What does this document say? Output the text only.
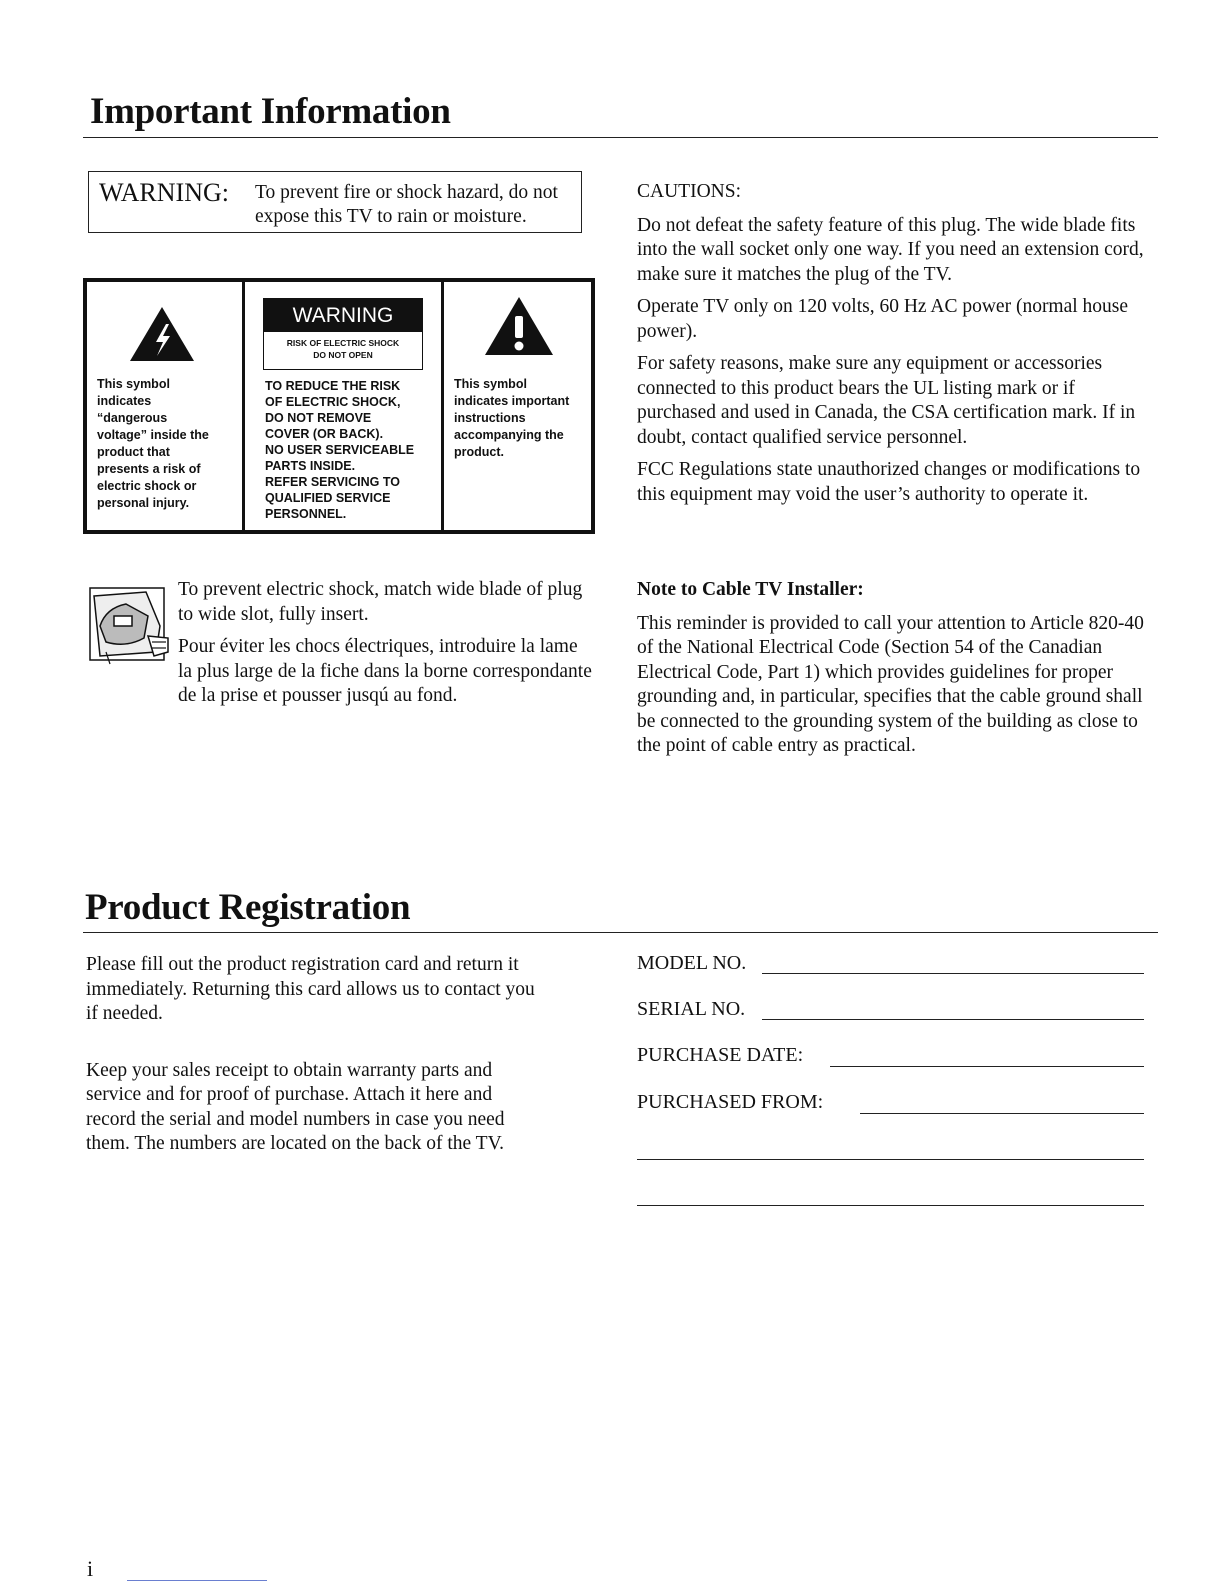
Important Information
WARNING: To prevent fire or shock hazard, do not
expose this TV to rain or moisture.
This symbol
indicates
“dangerous
voltage” inside the
product that
presents a risk of
electric shock or
personal injury.
WARNING
RISK OF ELECTRIC SHOCK
DO NOT OPEN
TO REDUCE THE RISK
OF ELECTRIC SHOCK,
DO NOT REMOVE
COVER (OR BACK).
NO USER SERVICEABLE
PARTS INSIDE.
REFER SERVICING TO
QUALIFIED SERVICE
PERSONNEL.
This symbol
indicates important
instructions
accompanying the
product.
To prevent electric shock, match wide blade of plug
to wide slot, fully insert.
Pour éviter les chocs électriques, introduire la lame
la plus large de la fiche dans la borne correspondante
de la prise et pousser jusqú au fond.
CAUTIONS:

Do not defeat the safety feature of this plug. The wide blade fits into the wall socket only one way. If you need an extension cord, make sure it matches the plug of the TV.

Operate TV only on 120 volts, 60 Hz AC power (normal house power).

For safety reasons, make sure any equipment or accessories connected to this product bears the UL listing mark or if purchased and used in Canada, the CSA certification mark. If in doubt, contact qualified service personnel.

FCC Regulations state unauthorized changes or modifications to this equipment may void the user’s authority to operate it.

Note to Cable TV Installer:
This reminder is provided to call your attention to Article 820-40 of the National Electrical Code (Section 54 of the Canadian Electrical Code, Part 1) which provides guidelines for proper grounding and, in particular, specifies that the cable ground shall be connected to the grounding system of the building as close to the point of cable entry as practical.
Product Registration
Please fill out the product registration card and return it immediately. Returning this card allows us to contact you if needed.
Keep your sales receipt to obtain warranty parts and service and for proof of purchase. Attach it here and record the serial and model numbers in case you need them. The numbers are located on the back of the TV.
MODEL NO.
SERIAL NO.
PURCHASE DATE:
PURCHASED FROM:
i
